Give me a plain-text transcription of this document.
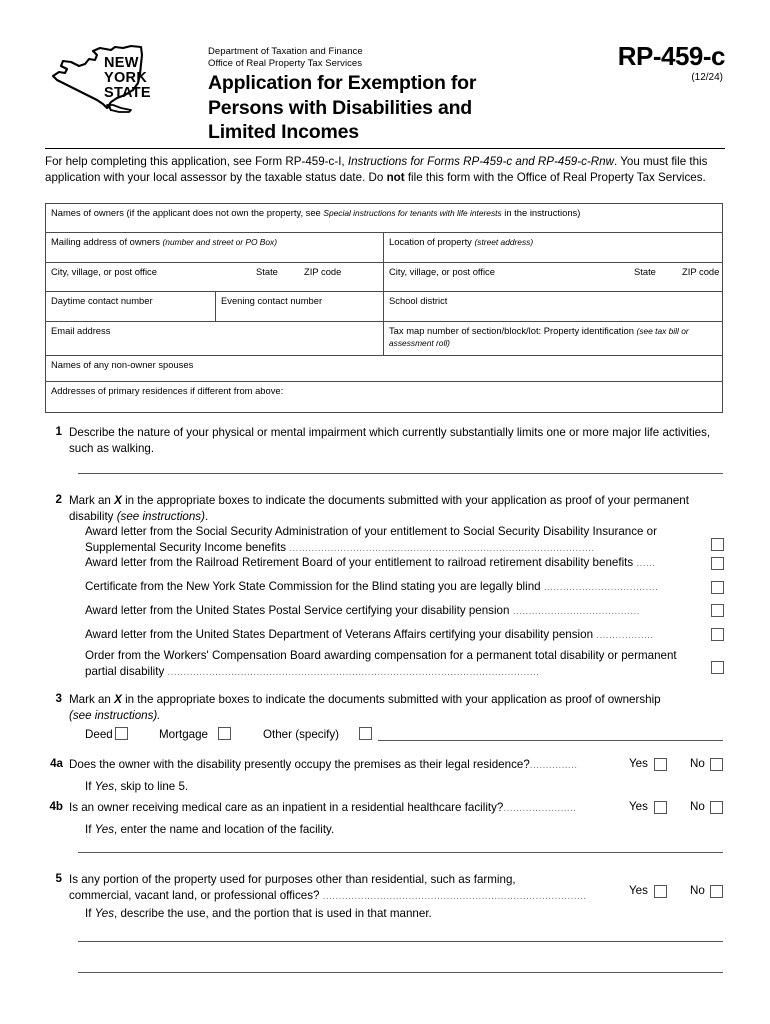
NEW
YORK
STATE
Department of Taxation and Finance
Office of Real Property Tax Services
Application for Exemption for
Persons with Disabilities and
Limited Incomes
RP-459-c
(12/24)
For help completing this application, see Form RP-459-c-I, Instructions for Forms RP-459-c and RP-459-c-Rnw. You must file this application with your local assessor by the taxable status date. Do not file this form with the Office of Real Property Tax Services.
Names of owners (if the applicant does not own the property, see Special instructions for tenants with life interests in the instructions)
Mailing address of owners (number and street or PO Box)	Location of property (street address)
City, village, or post office	State	ZIP code	City, village, or post office	State	ZIP code
Daytime contact number	Evening contact number	School district
Email address	Tax map number of section/block/lot: Property identification (see tax bill or assessment roll)
Names of any non-owner spouses
Addresses of primary residences if different from above:
1 Describe the nature of your physical or mental impairment which currently substantially limits one or more major life activities, such as walking.
2 Mark an X in the appropriate boxes to indicate the documents submitted with your application as proof of your permanent disability (see instructions).
Award letter from the Social Security Administration of your entitlement to Social Security Disability Insurance or Supplemental Security Income benefits ................................................................................................
Award letter from the Railroad Retirement Board of your entitlement to railroad retirement disability benefits ......
Certificate from the New York State Commission for the Blind stating you are legally blind ....................................
Award letter from the United States Postal Service certifying your disability pension ........................................
Award letter from the United States Department of Veterans Affairs certifying your disability pension ..................
Order from the Workers' Compensation Board awarding compensation for a permanent total disability or permanent partial disability .....................................................................................................................
3 Mark an X in the appropriate boxes to indicate the documents submitted with your application as proof of ownership
(see instructions).
Deed	Mortgage	Other (specify)
4a Does the owner with the disability presently occupy the premises as their legal residence?...............	Yes	No
If Yes, skip to line 5.
4b Is an owner receiving medical care as an inpatient in a residential healthcare facility?.......................	Yes	No
If Yes, enter the name and location of the facility.
5 Is any portion of the property used for purposes other than residential, such as farming,
commercial, vacant land, or professional offices? ...................................................................................	Yes	No
If Yes, describe the use, and the portion that is used in that manner.
